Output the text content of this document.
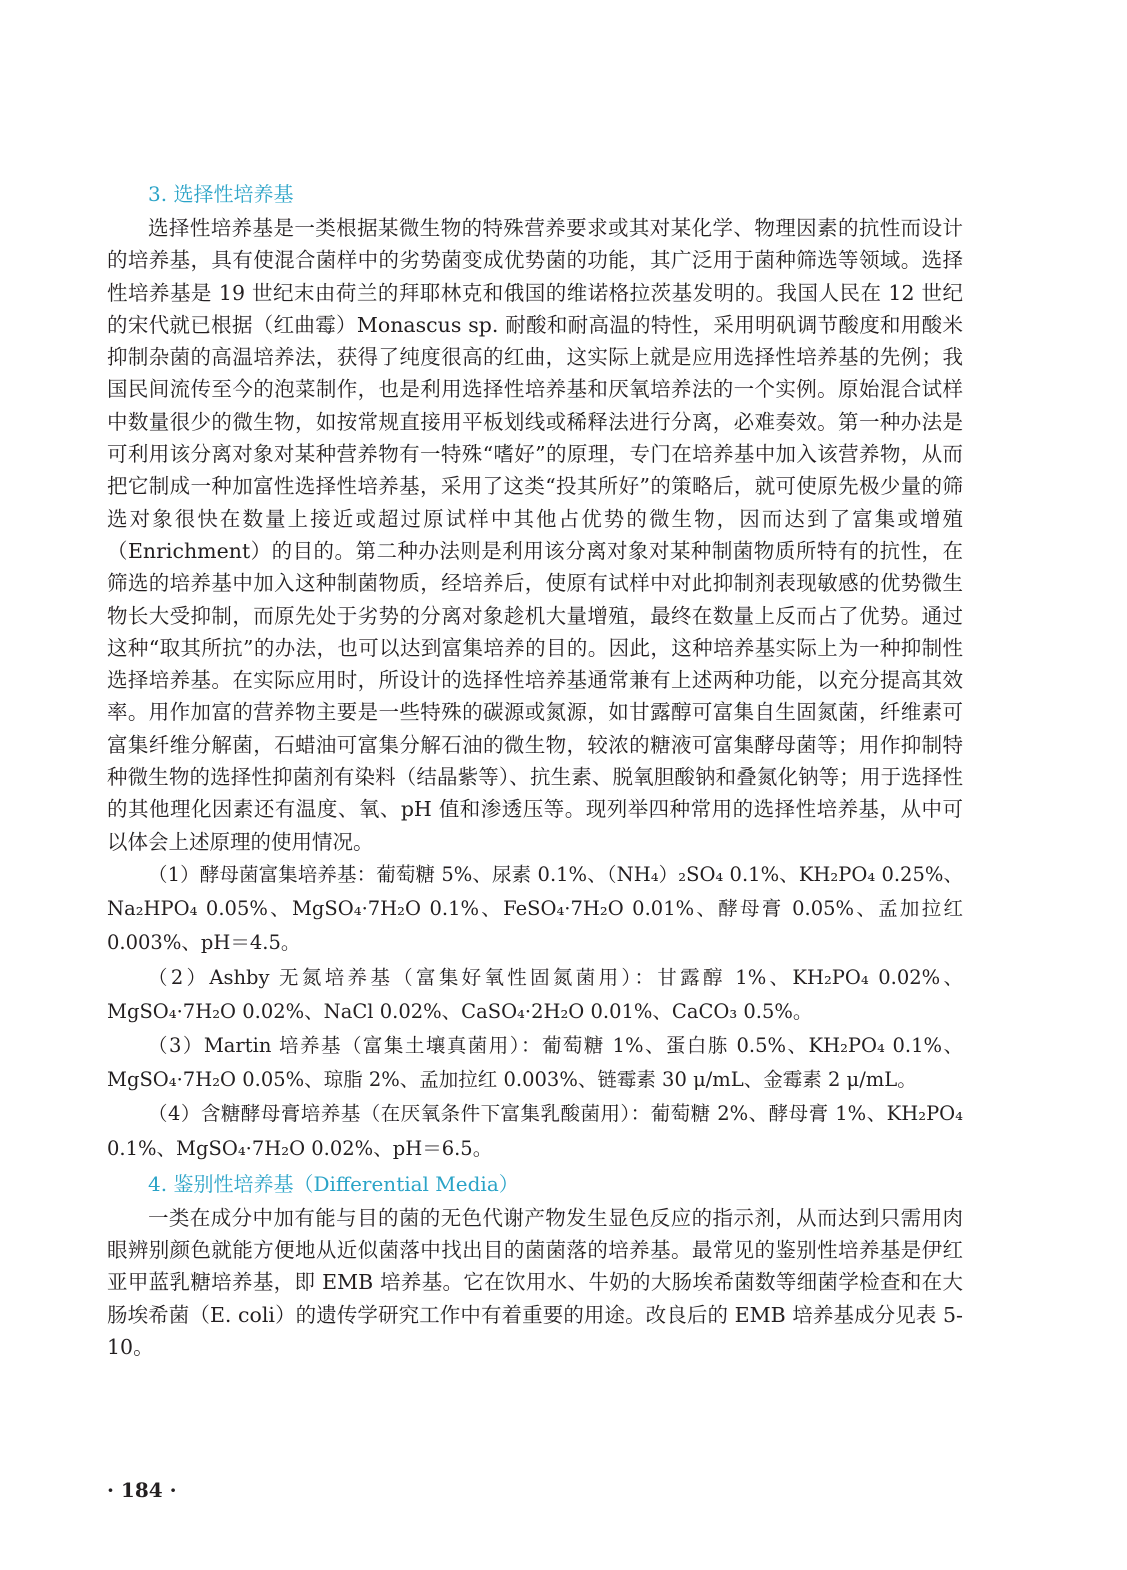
3. 选择性培养基

选择性培养基是一类根据某微生物的特殊营养要求或其对某化学、物理因素的抗性而设计的培养基，具有使混合菌样中的劣势菌变成优势菌的功能，其广泛用于菌种筛选等领域。选择性培养基是 19 世纪末由荷兰的拜耶林克和俄国的维诺格拉茨基发明的。我国人民在 12 世纪的宋代就已根据（红曲霉）Monascus sp. 耐酸和耐高温的特性，采用明矾调节酸度和用酸米抑制杂菌的高温培养法，获得了纯度很高的红曲，这实际上就是应用选择性培养基的先例；我国民间流传至今的泡菜制作，也是利用选择性培养基和厌氧培养法的一个实例。原始混合试样中数量很少的微生物，如按常规直接用平板划线或稀释法进行分离，必难奏效。第一种办法是可利用该分离对象对某种营养物有一特殊“嗜好”的原理，专门在培养基中加入该营养物，从而把它制成一种加富性选择性培养基，采用了这类“投其所好”的策略后，就可使原先极少量的筛选对象很快在数量上接近或超过原试样中其他占优势的微生物，因而达到了富集或增殖（Enrichment）的目的。第二种办法则是利用该分离对象对某种制菌物质所特有的抗性，在筛选的培养基中加入这种制菌物质，经培养后，使原有试样中对此抑制剂表现敏感的优势微生物长大受抑制，而原先处于劣势的分离对象趁机大量增殖，最终在数量上反而占了优势。通过这种“取其所抗”的办法，也可以达到富集培养的目的。因此，这种培养基实际上为一种抑制性选择培养基。在实际应用时，所设计的选择性培养基通常兼有上述两种功能，以充分提高其效率。用作加富的营养物主要是一些特殊的碳源或氮源，如甘露醇可富集自生固氮菌，纤维素可富集纤维分解菌，石蜡油可富集分解石油的微生物，较浓的糖液可富集酵母菌等；用作抑制特种微生物的选择性抑菌剂有染料（结晶紫等）、抗生素、脱氧胆酸钠和叠氮化钠等；用于选择性的其他理化因素还有温度、氧、pH 值和渗透压等。现列举四种常用的选择性培养基，从中可以体会上述原理的使用情况。

（1）酵母菌富集培养基：葡萄糖 5%、尿素 0.1%、（NH₄）₂SO₄ 0.1%、KH₂PO₄ 0.25%、Na₂HPO₄ 0.05%、MgSO₄·7H₂O 0.1%、FeSO₄·7H₂O 0.01%、酵母膏 0.05%、孟加拉红 0.003%、pH＝4.5。

（2）Ashby 无氮培养基（富集好氧性固氮菌用）：甘露醇 1%、KH₂PO₄ 0.02%、MgSO₄·7H₂O 0.02%、NaCl 0.02%、CaSO₄·2H₂O 0.01%、CaCO₃ 0.5%。

（3）Martin 培养基（富集土壤真菌用）：葡萄糖 1%、蛋白胨 0.5%、KH₂PO₄ 0.1%、MgSO₄·7H₂O 0.05%、琼脂 2%、孟加拉红 0.003%、链霉素 30 μ/mL、金霉素 2 μ/mL。

（4）含糖酵母膏培养基（在厌氧条件下富集乳酸菌用）：葡萄糖 2%、酵母膏 1%、KH₂PO₄ 0.1%、MgSO₄·7H₂O 0.02%、pH＝6.5。

4. 鉴别性培养基（Differential Media）

一类在成分中加有能与目的菌的无色代谢产物发生显色反应的指示剂，从而达到只需用肉眼辨别颜色就能方便地从近似菌落中找出目的菌菌落的培养基。最常见的鉴别性培养基是伊红亚甲蓝乳糖培养基，即 EMB 培养基。它在饮用水、牛奶的大肠埃希菌数等细菌学检查和在大肠埃希菌（E. coli）的遗传学研究工作中有着重要的用途。改良后的 EMB 培养基成分见表 5-10。

· 184 ·
